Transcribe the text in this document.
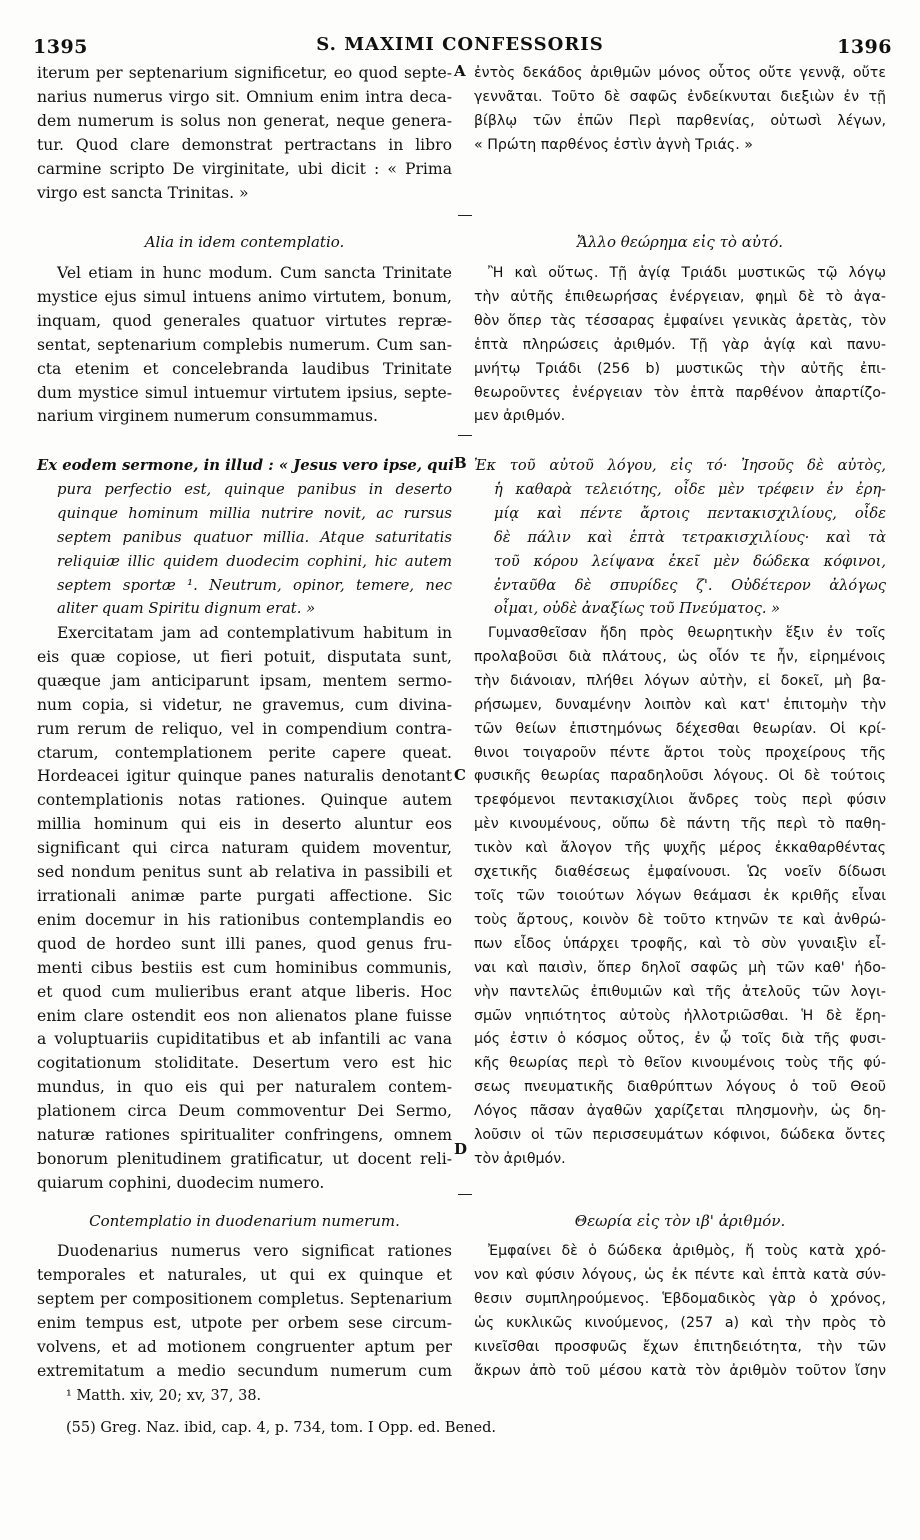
1395	S. MAXIMI CONFESSORIS	1396
A
B
C
D
iterum per septenarium significetur, eo quod septe-
narius numerus virgo sit. Omnium enim intra deca-
dem numerum is solus non generat, neque genera-
tur. Quod clare demonstrat pertractans in libro
carmine scripto De virginitate, ubi dicit : « Prima
virgo est sancta Trinitas. »
Alia in idem contemplatio.
Vel etiam in hunc modum. Cum sancta Trinitate
mystice ejus simul intuens animo virtutem, bonum,
inquam, quod generales quatuor virtutes repræ-
sentat, septenarium complebis numerum. Cum san-
cta etenim et concelebranda laudibus Trinitate
dum mystice simul intuemur virtutem ipsius, septe-
narium virginem numerum consummamus.
Ex eodem sermone, in illud : « Jesus vero ipse, qui
pura perfectio est, quinque panibus in deserto
quinque hominum millia nutrire novit, ac rursus
septem panibus quatuor millia. Atque saturitatis
reliquiæ illic quidem duodecim cophini, hic autem
septem sportæ ¹. Neutrum, opinor, temere, nec
aliter quam Spiritu dignum erat. »
Exercitatam jam ad contemplativum habitum in
eis quæ copiose, ut fieri potuit, disputata sunt,
quæque jam anticiparunt ipsam, mentem sermo-
num copia, si videtur, ne gravemus, cum divina-
rum rerum de reliquo, vel in compendium contra-
ctarum, contemplationem perite capere queat.
Hordeacei igitur quinque panes naturalis denotant
contemplationis notas rationes. Quinque autem
millia hominum qui eis in deserto aluntur eos
significant qui circa naturam quidem moventur,
sed nondum penitus sunt ab relativa in passibili et
irrationali animæ parte purgati affectione. Sic
enim docemur in his rationibus contemplandis eo
quod de hordeo sunt illi panes, quod genus fru-
menti cibus bestiis est cum hominibus communis,
et quod cum mulieribus erant atque liberis. Hoc
enim clare ostendit eos non alienatos plane fuisse
a voluptuariis cupiditatibus et ab infantili ac vana
cogitationum stoliditate. Desertum vero est hic
mundus, in quo eis qui per naturalem contem-
plationem circa Deum commoventur Dei Sermo,
naturæ rationes spiritualiter confringens, omnem
bonorum plenitudinem gratificatur, ut docent reli-
quiarum cophini, duodecim numero.
Contemplatio in duodenarium numerum.
Duodenarius numerus vero significat rationes
temporales et naturales, ut qui ex quinque et
septem per compositionem completus. Septenarium
enim tempus est, utpote per orbem sese circum-
volvens, et ad motionem congruenter aptum per
extremitatum a medio secundum numerum cum
ἐντὸς δεκάδος ἀριθμῶν μόνος οὗτος οὔτε γεννᾷ, οὔτε
γεννᾶται. Τοῦτο δὲ σαφῶς ἐνδείκνυται διεξιὼν ἐν τῇ
βίβλῳ τῶν ἐπῶν Περὶ παρθενίας, οὑτωσὶ λέγων,
« Πρώτη παρθένος ἐστὶν ἁγνὴ Τριάς. »
Ἄλλο θεώρημα εἰς τὸ αὐτό.
Ἢ καὶ οὕτως. Τῇ ἁγίᾳ Τριάδι μυστικῶς τῷ λόγῳ
τὴν αὐτῆς ἐπιθεωρήσας ἐνέργειαν, φημὶ δὲ τὸ ἀγα-
θὸν ὅπερ τὰς τέσσαρας ἐμφαίνει γενικὰς ἀρετὰς, τὸν
ἑπτὰ πληρώσεις ἀριθμόν. Τῇ γὰρ ἁγίᾳ καὶ πανυ-
μνήτῳ Τριάδι (256 b) μυστικῶς τὴν αὐτῆς ἐπι-
θεωροῦντες ἐνέργειαν τὸν ἑπτὰ παρθένον ἀπαρτίζο-
μεν ἀριθμόν.
Ἐκ τοῦ αὐτοῦ λόγου, εἰς τό· Ἰησοῦς δὲ αὐτὸς,
ἡ καθαρὰ τελειότης, οἶδε μὲν τρέφειν ἐν ἐρη-
μίᾳ καὶ πέντε ἄρτοις πεντακισχιλίους, οἶδε
δὲ πάλιν καὶ ἑπτὰ τετρακισχιλίους· καὶ τὰ
τοῦ κόρου λείψανα ἐκεῖ μὲν δώδεκα κόφινοι,
ἐνταῦθα δὲ σπυρίδες ζ'. Οὐδέτερον ἀλόγως
οἶμαι, οὐδὲ ἀναξίως τοῦ Πνεύματος. »
Γυμνασθεῖσαν ἤδη πρὸς θεωρητικὴν ἕξιν ἐν τοῖς
προλαβοῦσι διὰ πλάτους, ὡς οἷόν τε ἦν, εἰρημένοις
τὴν διάνοιαν, πλήθει λόγων αὐτὴν, εἰ δοκεῖ, μὴ βα-
ρήσωμεν, δυναμένην λοιπὸν καὶ κατ' ἐπιτομὴν τὴν
τῶν θείων ἐπιστημόνως δέχεσθαι θεωρίαν. Οἱ κρί-
θινοι τοιγαροῦν πέντε ἄρτοι τοὺς προχείρους τῆς
φυσικῆς θεωρίας παραδηλοῦσι λόγους. Οἱ δὲ τούτοις
τρεφόμενοι πεντακισχίλιοι ἄνδρες τοὺς περὶ φύσιν
μὲν κινουμένους, οὔπω δὲ πάντη τῆς περὶ τὸ παθη-
τικὸν καὶ ἄλογον τῆς ψυχῆς μέρος ἐκκαθαρθέντας
σχετικῆς διαθέσεως ἐμφαίνουσι. Ὡς νοεῖν δίδωσι
τοῖς τῶν τοιούτων λόγων θεάμασι ἐκ κριθῆς εἶναι
τοὺς ἄρτους, κοινὸν δὲ τοῦτο κτηνῶν τε καὶ ἀνθρώ-
πων εἶδος ὑπάρχει τροφῆς, καὶ τὸ σὺν γυναιξὶν εἶ-
ναι καὶ παισὶν, ὅπερ δηλοῖ σαφῶς μὴ τῶν καθ' ἡδο-
νὴν παντελῶς ἐπιθυμιῶν καὶ τῆς ἀτελοῦς τῶν λογι-
σμῶν νηπιότητος αὐτοὺς ἠλλοτριῶσθαι. Ἡ δὲ ἔρη-
μός ἐστιν ὁ κόσμος οὗτος, ἐν ᾧ τοῖς διὰ τῆς φυσι-
κῆς θεωρίας περὶ τὸ θεῖον κινουμένοις τοὺς τῆς φύ-
σεως πνευματικῆς διαθρύπτων λόγους ὁ τοῦ Θεοῦ
Λόγος πᾶσαν ἀγαθῶν χαρίζεται πλησμονὴν, ὡς δη-
λοῦσιν οἱ τῶν περισσευμάτων κόφινοι, δώδεκα ὄντες
τὸν ἀριθμόν.
Θεωρία εἰς τὸν ιβ' ἀριθμόν.
Ἐμφαίνει δὲ ὁ δώδεκα ἀριθμὸς, ἤ τοὺς κατὰ χρό-
νον καὶ φύσιν λόγους, ὡς ἐκ πέντε καὶ ἑπτὰ κατὰ σύν-
θεσιν συμπληρούμενος. Ἑβδομαδικὸς γὰρ ὁ χρόνος,
ὡς κυκλικῶς κινούμενος, (257 a) καὶ τὴν πρὸς τὸ
κινεῖσθαι προσφυῶς ἔχων ἐπιτηδειότητα, τὴν τῶν
ἄκρων ἀπὸ τοῦ μέσου κατὰ τὸν ἀριθμὸν τοῦτον ἴσην
¹ Matth. xiv, 20; xv, 37, 38.
(55) Greg. Naz. ibid, cap. 4, p. 734, tom. I Opp. ed. Bened.
